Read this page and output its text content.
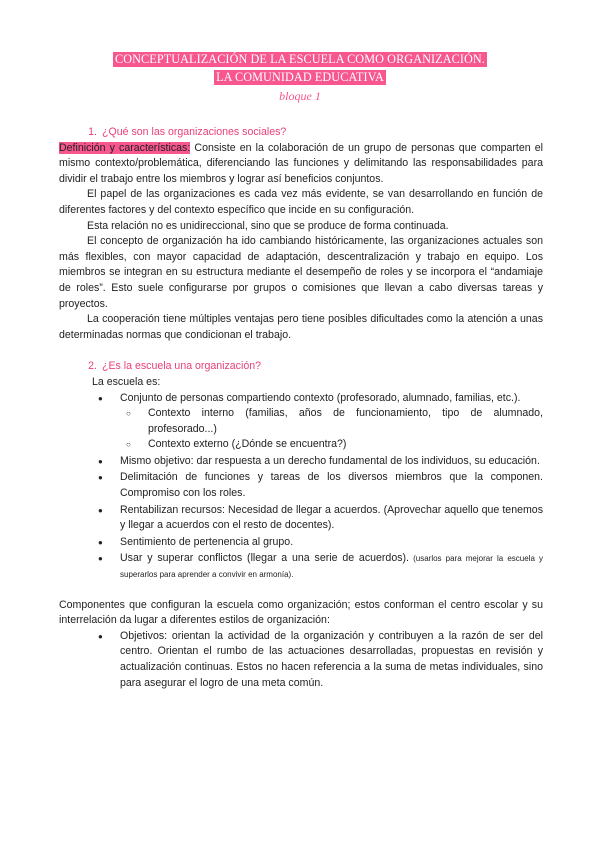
CONCEPTUALIZACIÓN DE LA ESCUELA COMO ORGANIZACIÓN.
LA COMUNIDAD EDUCATIVA
bloque 1
1. ¿Qué son las organizaciones sociales?

Definición y características: Consiste en la colaboración de un grupo de personas que comparten el mismo contexto/problemática, diferenciando las funciones y delimitando las responsabilidades para dividir el trabajo entre los miembros y lograr así beneficios conjuntos.

El papel de las organizaciones es cada vez más evidente, se van desarrollando en función de diferentes factores y del contexto específico que incide en su configuración.

Esta relación no es unidireccional, sino que se produce de forma continuada.

El concepto de organización ha ido cambiando históricamente, las organizaciones actuales son más flexibles, con mayor capacidad de adaptación, descentralización y trabajo en equipo. Los miembros se integran en su estructura mediante el desempeño de roles y se incorpora el “andamiaje de roles”. Esto suele configurarse por grupos o comisiones que llevan a cabo diversas tareas y proyectos.

La cooperación tiene múltiples ventajas pero tiene posibles dificultades como la atención a unas determinadas normas que condicionan el trabajo.

2. ¿Es la escuela una organización?
La escuela es:
● Conjunto de personas compartiendo contexto (profesorado, alumnado, familias, etc.).
○ Contexto interno (familias, años de funcionamiento, tipo de alumnado, profesorado...)
○ Contexto externo (¿Dónde se encuentra?)
● Mismo objetivo: dar respuesta a un derecho fundamental de los individuos, su educación.
● Delimitación de funciones y tareas de los diversos miembros que la componen. Compromiso con los roles.
● Rentabilizan recursos: Necesidad de llegar a acuerdos. (Aprovechar aquello que tenemos y llegar a acuerdos con el resto de docentes).
● Sentimiento de pertenencia al grupo.
● Usar y superar conflictos (llegar a una serie de acuerdos). (usarlos para mejorar la escuela y superarlos para aprender a convivir en armonía).

Componentes que configuran la escuela como organización; estos conforman el centro escolar y su interrelación da lugar a diferentes estilos de organización:

● Objetivos: orientan la actividad de la organización y contribuyen a la razón de ser del centro. Orientan el rumbo de las actuaciones desarrolladas, propuestas en revisión y actualización continuas. Estos no hacen referencia a la suma de metas individuales, sino para asegurar el logro de una meta común.
